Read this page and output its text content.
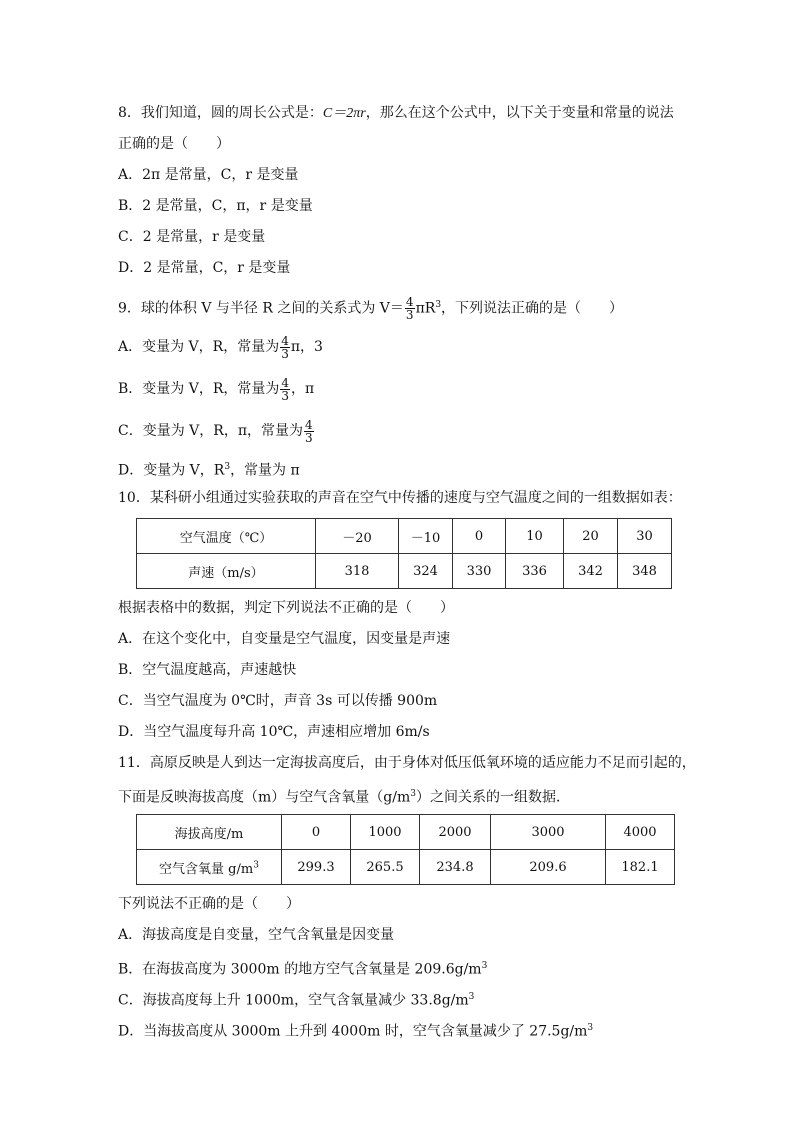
8．我们知道，圆的周长公式是：C＝2πr，那么在这个公式中，以下关于变量和常量的说法
正确的是（　　）
A．2π 是常量，C，r 是变量
B．2 是常量，C，π，r 是变量
C．2 是常量，r 是变量
D．2 是常量，C，r 是变量
9．球的体积 V 与半径 R 之间的关系式为 $V= \frac{4}{3} \pi R^3$，下列说法正确的是（　　）
A．变量为 V，R，常量为 $\frac{4}{3}$ π，3
B．变量为 V，R，常量为 $\frac{4}{3}$ ，π
C．变量为 V，R，π，常量为 $\frac{4}{3}$
D．变量为 V，$R^3$，常量为 π
10．某科研小组通过实验获取的声音在空气中传播的速度与空气温度之间的一组数据如表：
空气温度（℃）	－20	－10	0	10	20	30
声速（m/s）	318	324	330	336	342	348
根据表格中的数据，判定下列说法不正确的是（　　）
A．在这个变化中，自变量是空气温度，因变量是声速
B．空气温度越高，声速越快
C．当空气温度为 0℃时，声音 3s 可以传播 900m
D．当空气温度每升高 10℃，声速相应增加 6m/s
11．高原反映是人到达一定海拔高度后，由于身体对低压低氧环境的适应能力不足而引起的，
下面是反映海拔高度（m）与空气含氧量$(g/m^3)$之间关系的一组数据．
海拔高度/m	0	1000	2000	3000	4000
空气含氧量 $g/m^3$	299.3	265.5	234.8	209.6	182.1
下列说法不正确的是（　　）
A．海拔高度是自变量，空气含氧量是因变量
B．在海拔高度为 3000m 的地方空气含氧量是 $209.6g/m^3$
C．海拔高度每上升 1000m，空气含氧量减少 $33.8g/m^3$
D．当海拔高度从 3000m 上升到 4000m 时，空气含氧量减少了 $27.5g/m^3$
